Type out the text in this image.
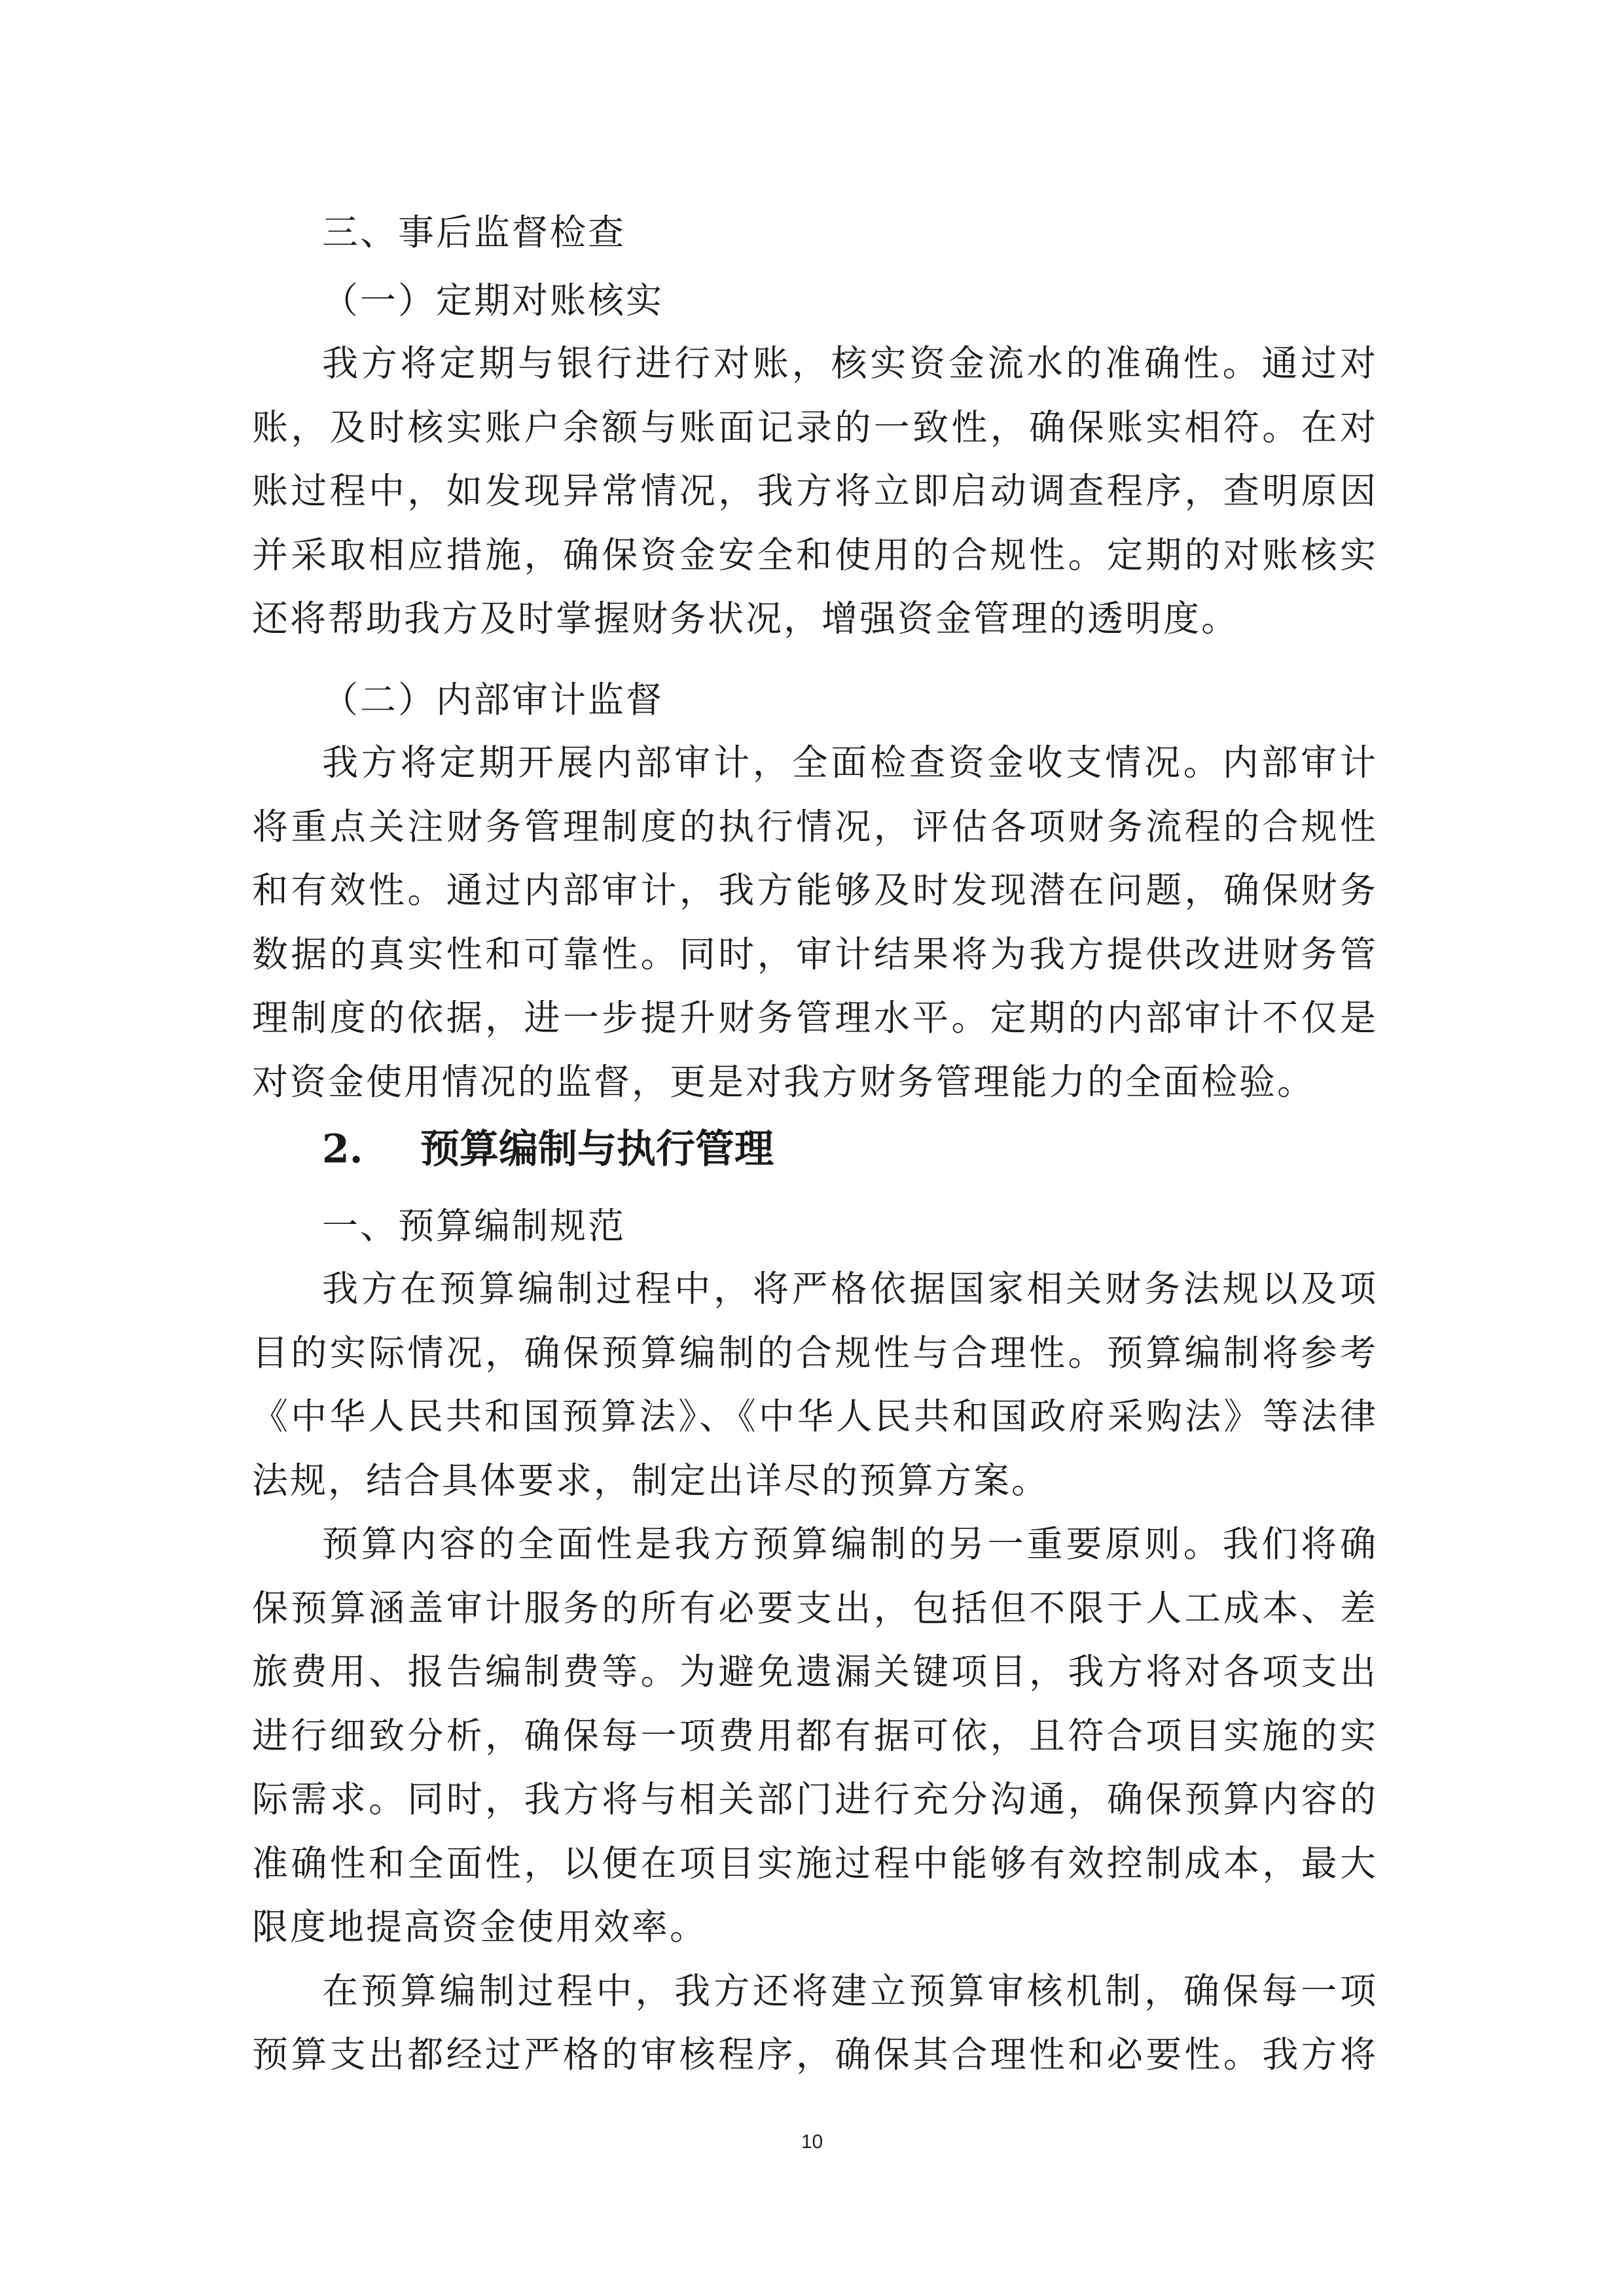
三、事后监督检查
（一）定期对账核实
我方将定期与银行进行对账，核实资金流水的准确性。通过对
账，及时核实账户余额与账面记录的一致性，确保账实相符。在对
账过程中，如发现异常情况，我方将立即启动调查程序，查明原因
并采取相应措施，确保资金安全和使用的合规性。定期的对账核实
还将帮助我方及时掌握财务状况，增强资金管理的透明度。
（二）内部审计监督
我方将定期开展内部审计，全面检查资金收支情况。内部审计
将重点关注财务管理制度的执行情况，评估各项财务流程的合规性
和有效性。通过内部审计，我方能够及时发现潜在问题，确保财务
数据的真实性和可靠性。同时，审计结果将为我方提供改进财务管
理制度的依据，进一步提升财务管理水平。定期的内部审计不仅是
对资金使用情况的监督，更是对我方财务管理能力的全面检验。
2. 预算编制与执行管理
一、预算编制规范
我方在预算编制过程中，将严格依据国家相关财务法规以及项
目的实际情况，确保预算编制的合规性与合理性。预算编制将参考
《中华人民共和国预算法》、《中华人民共和国政府采购法》等法律
法规，结合具体要求，制定出详尽的预算方案。
预算内容的全面性是我方预算编制的另一重要原则。我们将确
保预算涵盖审计服务的所有必要支出，包括但不限于人工成本、差
旅费用、报告编制费等。为避免遗漏关键项目，我方将对各项支出
进行细致分析，确保每一项费用都有据可依，且符合项目实施的实
际需求。同时，我方将与相关部门进行充分沟通，确保预算内容的
准确性和全面性，以便在项目实施过程中能够有效控制成本，最大
限度地提高资金使用效率。
在预算编制过程中，我方还将建立预算审核机制，确保每一项
预算支出都经过严格的审核程序，确保其合理性和必要性。我方将
10
